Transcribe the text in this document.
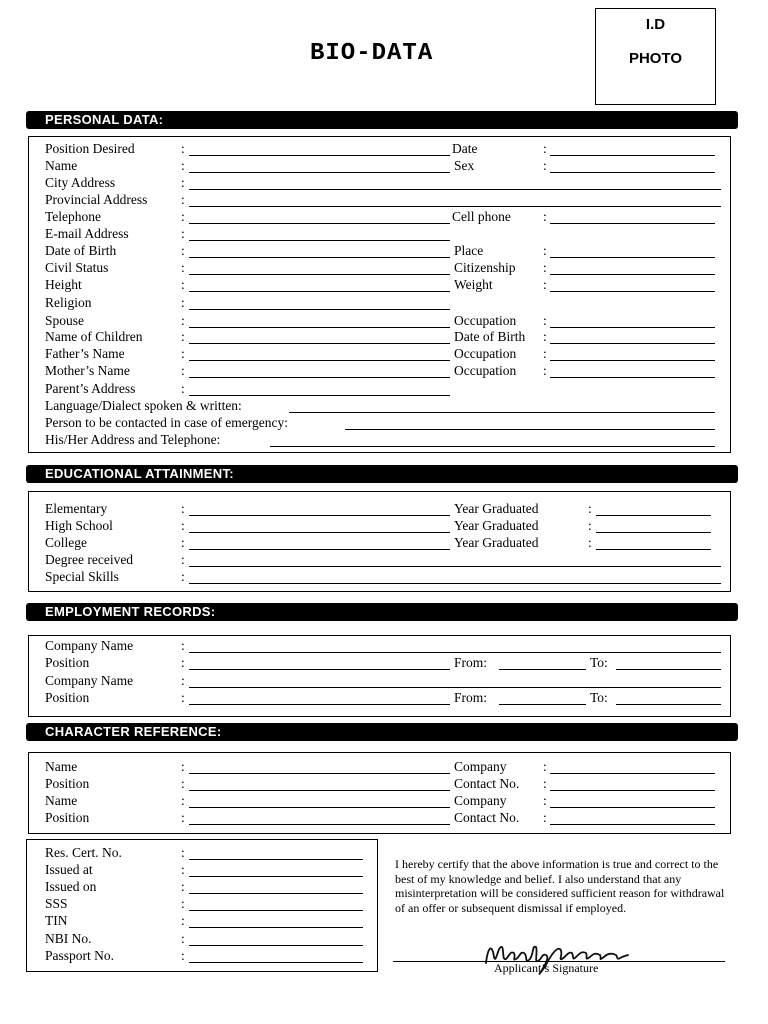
BIO-DATA
I.D
PHOTO
PERSONAL DATA:
Position Desired	:	Date	:
Name	:	Sex	:
City Address	:
Provincial Address :
Telephone	:	Cell phone :
E-mail Address	:
Date of Birth	:	Place	:
Civil Status	:	Citizenship :
Height	:	Weight	:
Religion	:
Spouse	:	Occupation :
Name of Children	:	Date of Birth :
Father’s Name	:	Occupation :
Mother’s Name	:	Occupation :
Parent’s Address	:
Language/Dialect spoken & written:
Person to be contacted in case of emergency:
His/Her Address and Telephone:
EDUCATIONAL ATTAINMENT:
Elementary	:	Year Graduated	:
High School	:	Year Graduated	:
College	:	Year Graduated	:
Degree received	:
Special Skills	:
EMPLOYMENT RECORDS:
Company Name	:
Position	:	From:	To:
Company Name	:
Position	:	From:	To:
CHARACTER REFERENCE:
Name	:	Company	:
Position	:	Contact No. :
Name	:	Company	:
Position	:	Contact No. :
Res. Cert. No.	:
Issued at	:
Issued on	:
SSS	:
TIN	:
NBI No.	:
Passport No.	:
I hereby certify that the above information is true and correct to the best of my knowledge and belief. I also understand that any misinterpretation will be considered sufficient reason for withdrawal of an offer or subsequent dismissal if employed.
Applicant’s Signature
